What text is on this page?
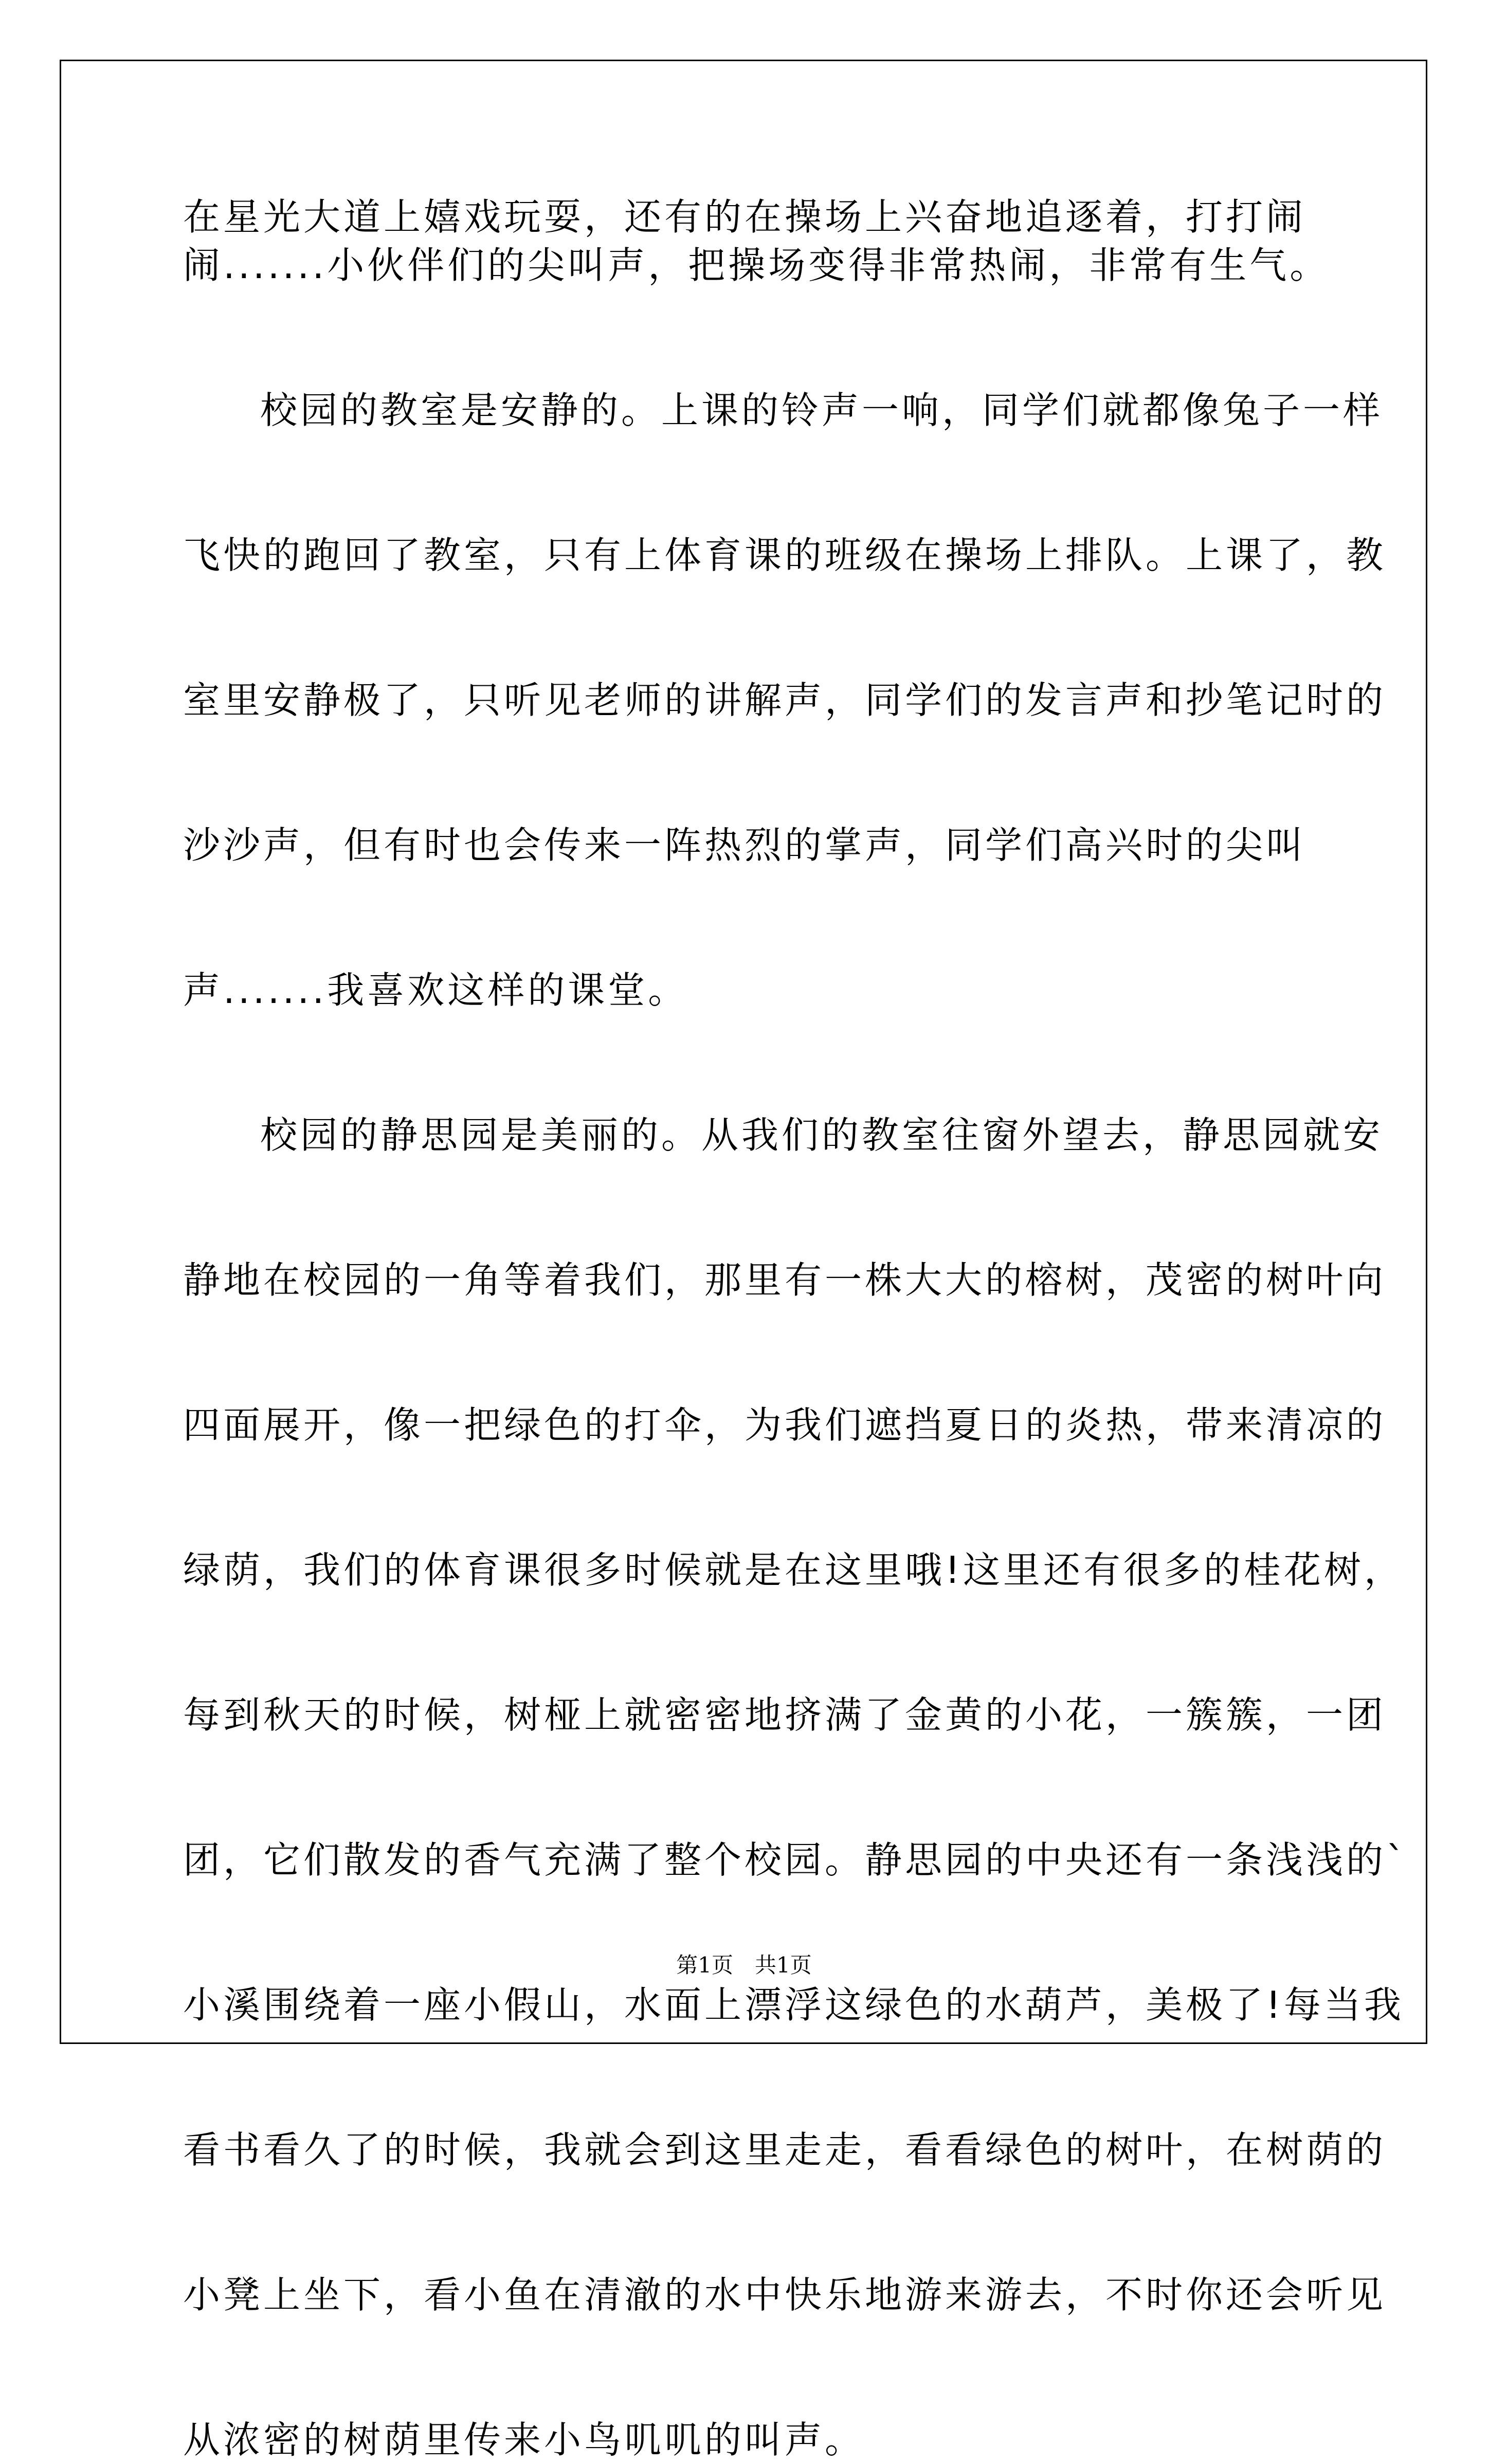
在星光大道上嬉戏玩耍，还有的在操场上兴奋地追逐着，打打闹
闹.......小伙伴们的尖叫声，把操场变得非常热闹，非常有生气。
校园的教室是安静的。上课的铃声一响，同学们就都像兔子一样
飞快的跑回了教室，只有上体育课的班级在操场上排队。上课了，教
室里安静极了，只听见老师的讲解声，同学们的发言声和抄笔记时的
沙沙声，但有时也会传来一阵热烈的掌声，同学们高兴时的尖叫
声.......我喜欢这样的课堂。
校园的静思园是美丽的。从我们的教室往窗外望去，静思园就安
静地在校园的一角等着我们，那里有一株大大的榕树，茂密的树叶向
四面展开，像一把绿色的打伞，为我们遮挡夏日的炎热，带来清凉的
绿荫，我们的体育课很多时候就是在这里哦!这里还有很多的桂花树，
每到秋天的时候，树桠上就密密地挤满了金黄的小花，一簇簇，一团
团，它们散发的香气充满了整个校园。静思园的中央还有一条浅浅的`
小溪围绕着一座小假山，水面上漂浮这绿色的水葫芦，美极了!每当我
看书看久了的时候，我就会到这里走走，看看绿色的树叶，在树荫的
小凳上坐下，看小鱼在清澈的水中快乐地游来游去，不时你还会听见
从浓密的树荫里传来小鸟叽叽的叫声。
第1页　共1页
